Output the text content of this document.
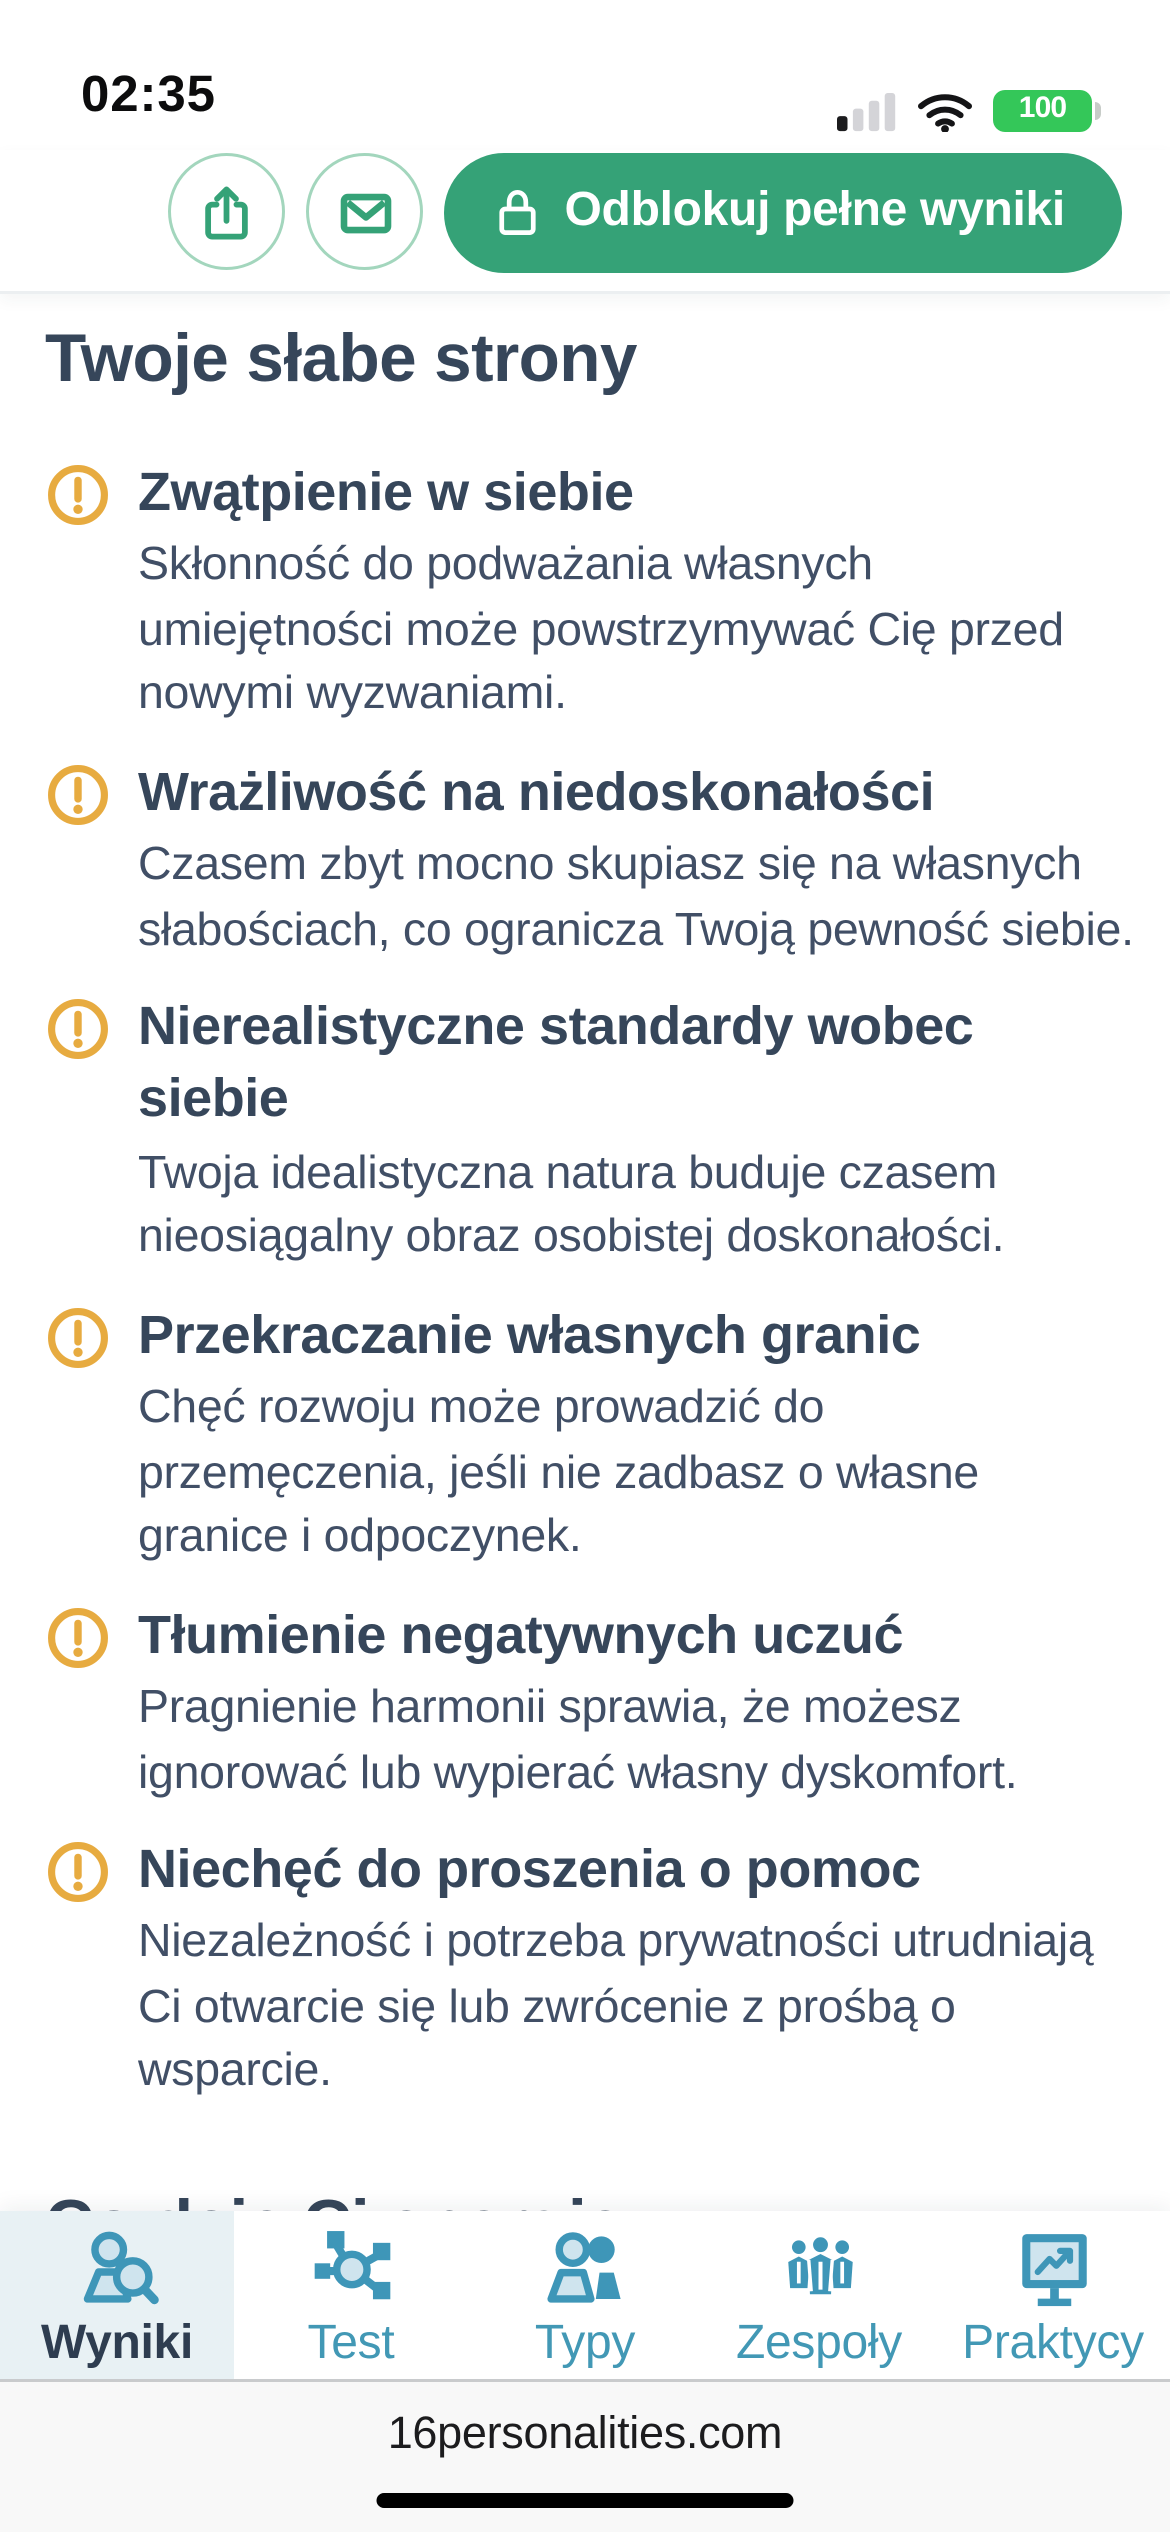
02:35	100
Odblokuj pełne wyniki
Twoje słabe strony

Zwątpienie w siebie

Skłonność do podważania własnych umiejętności może powstrzymywać Cię przed nowymi wyzwaniami.

Wrażliwość na niedoskonałości

Czasem zbyt mocno skupiasz się na własnych słabościach, co ogranicza Twoją pewność siebie.

Nierealistyczne standardy wobec siebie

Twoja idealistyczna natura buduje czasem nieosiągalny obraz osobistej doskonałości.

Przekraczanie własnych granic

Chęć rozwoju może prowadzić do przemęczenia, jeśli nie zadbasz o własne granice i odpoczynek.

Tłumienie negatywnych uczuć

Pragnienie harmonii sprawia, że możesz ignorować lub wypierać własny dyskomfort.

Niechęć do proszenia o pomoc

Niezależność i potrzeba prywatności utrudniają Ci otwarcie się lub zwrócenie z prośbą o wsparcie.

Wyniki	Test	Typy	Zespoły	Praktycy
16personalities.com
